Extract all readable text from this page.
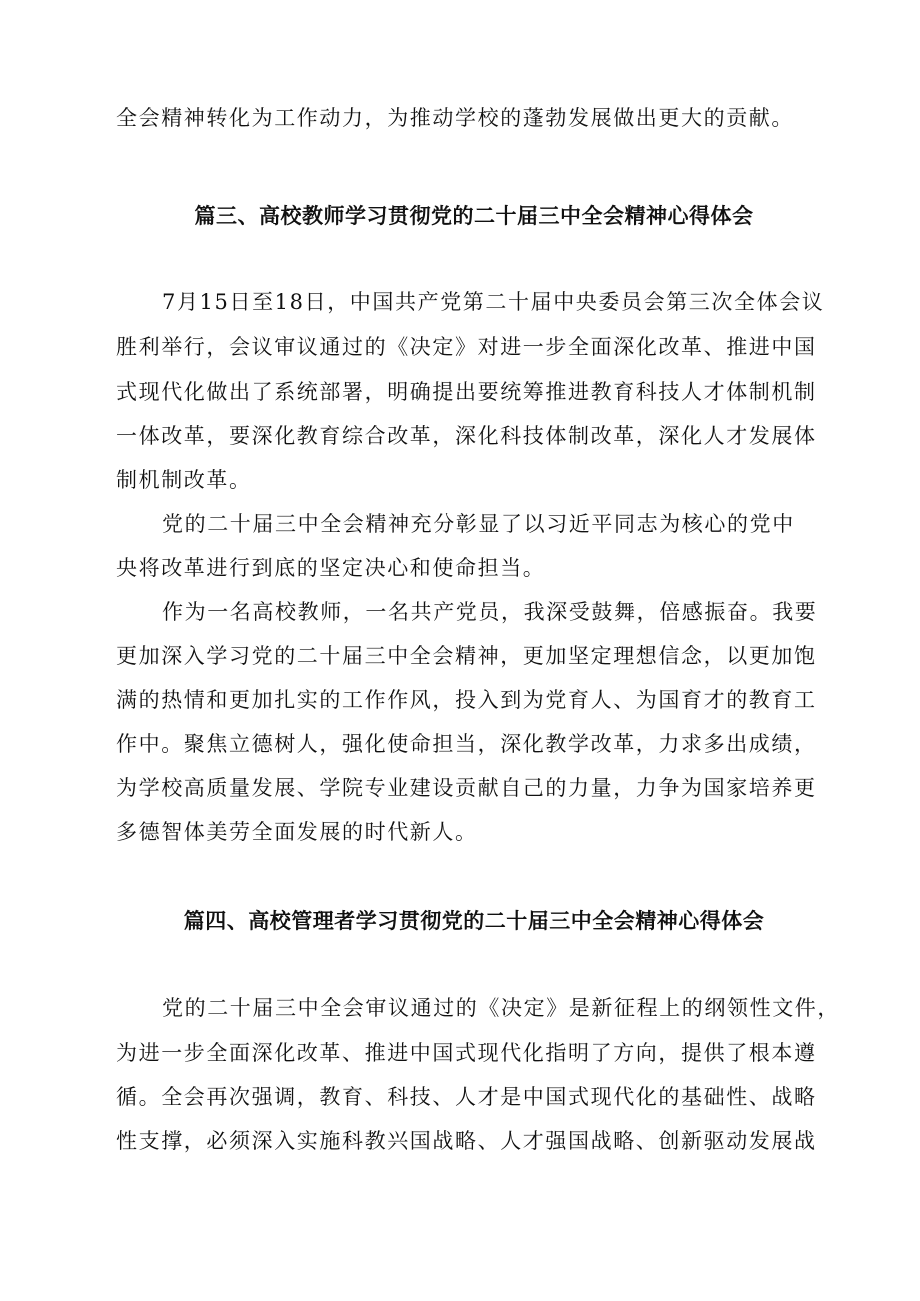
全会精神转化为工作动力，为推动学校的蓬勃发展做出更大的贡献。
篇三、高校教师学习贯彻党的二十届三中全会精神心得体会
7月15日至18日，中国共产党第二十届中央委员会第三次全体会议
胜利举行，会议审议通过的《决定》对进一步全面深化改革、推进中国
式现代化做出了系统部署，明确提出要统筹推进教育科技人才体制机制
一体改革，要深化教育综合改革，深化科技体制改革，深化人才发展体
制机制改革。
党的二十届三中全会精神充分彰显了以习近平同志为核心的党中
央将改革进行到底的坚定决心和使命担当。
作为一名高校教师，一名共产党员，我深受鼓舞，倍感振奋。我要
更加深入学习党的二十届三中全会精神，更加坚定理想信念，以更加饱
满的热情和更加扎实的工作作风，投入到为党育人、为国育才的教育工
作中。聚焦立德树人，强化使命担当，深化教学改革，力求多出成绩，
为学校高质量发展、学院专业建设贡献自己的力量，力争为国家培养更
多德智体美劳全面发展的时代新人。
篇四、高校管理者学习贯彻党的二十届三中全会精神心得体会
党的二十届三中全会审议通过的《决定》是新征程上的纲领性文件，
为进一步全面深化改革、推进中国式现代化指明了方向，提供了根本遵
循。全会再次强调，教育、科技、人才是中国式现代化的基础性、战略
性支撑，必须深入实施科教兴国战略、人才强国战略、创新驱动发展战
